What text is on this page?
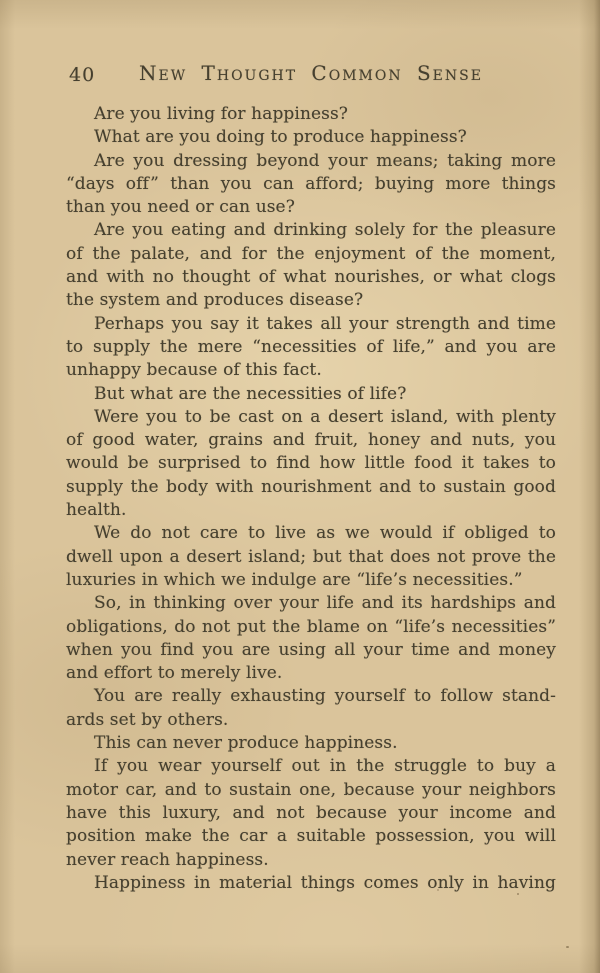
40	New Thought Common Sense
Are you living for happiness?
What are you doing to produce happiness?
Are you dressing beyond your means; taking more
“days off” than you can afford; buying more things
than you need or can use?
Are you eating and drinking solely for the pleasure
of the palate, and for the enjoyment of the moment,
and with no thought of what nourishes, or what clogs
the system and produces disease?
Perhaps you say it takes all your strength and time
to supply the mere “necessities of life,” and you are
unhappy because of this fact.
But what are the necessities of life?
Were you to be cast on a desert island, with plenty
of good water, grains and fruit, honey and nuts, you
would be surprised to find how little food it takes to
supply the body with nourishment and to sustain good
health.
We do not care to live as we would if obliged to
dwell upon a desert island; but that does not prove the
luxuries in which we indulge are “life’s necessities.”
So, in thinking over your life and its hardships and
obligations, do not put the blame on “life’s necessities”
when you find you are using all your time and money
and effort to merely live.
You are really exhausting yourself to follow stand-
ards set by others.
This can never produce happiness.
If you wear yourself out in the struggle to buy a
motor car, and to sustain one, because your neighbors
have this luxury, and not because your income and
position make the car a suitable possession, you will
never reach happiness.
Happiness in material things comes only in having
